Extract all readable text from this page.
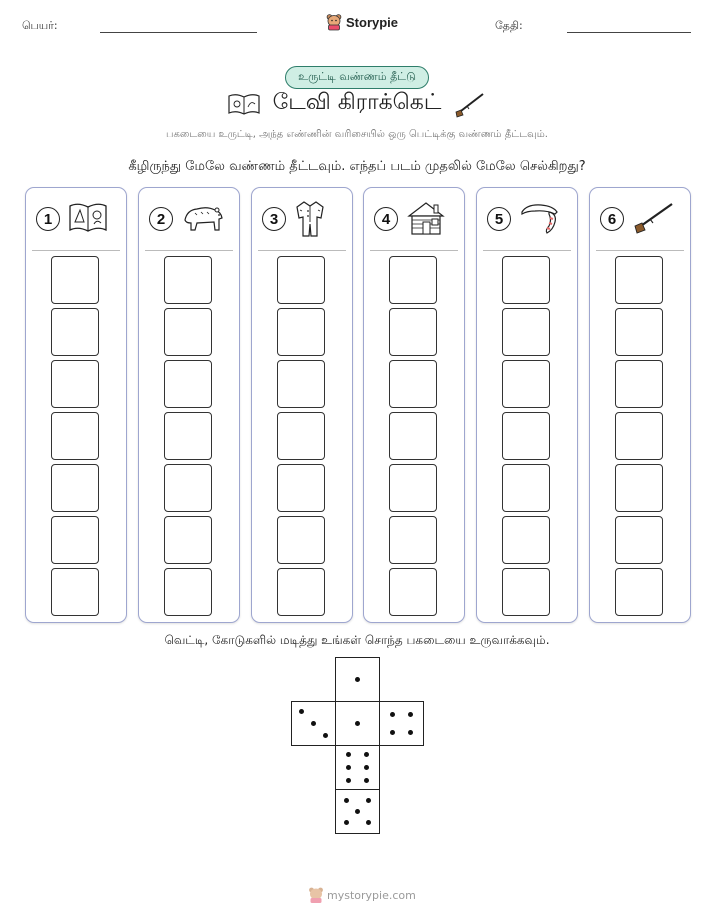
பெயர்:	Storypie	தேதி:
உருட்டி வண்ணம் தீட்டு
டேவி கிராக்கெட்
பகடையை உருட்டி, அந்த எண்ணின் வரிசையில் ஒரு பெட்டிக்கு வண்ணம் தீட்டவும்.
கீழிருந்து மேலே வண்ணம் தீட்டவும். எந்தப் படம் முதலில் மேலே செல்கிறது?
1	2	3	4	5	6
வெட்டி, கோடுகளில் மடித்து உங்கள் சொந்த பகடையை உருவாக்கவும்.
mystorypie.com
